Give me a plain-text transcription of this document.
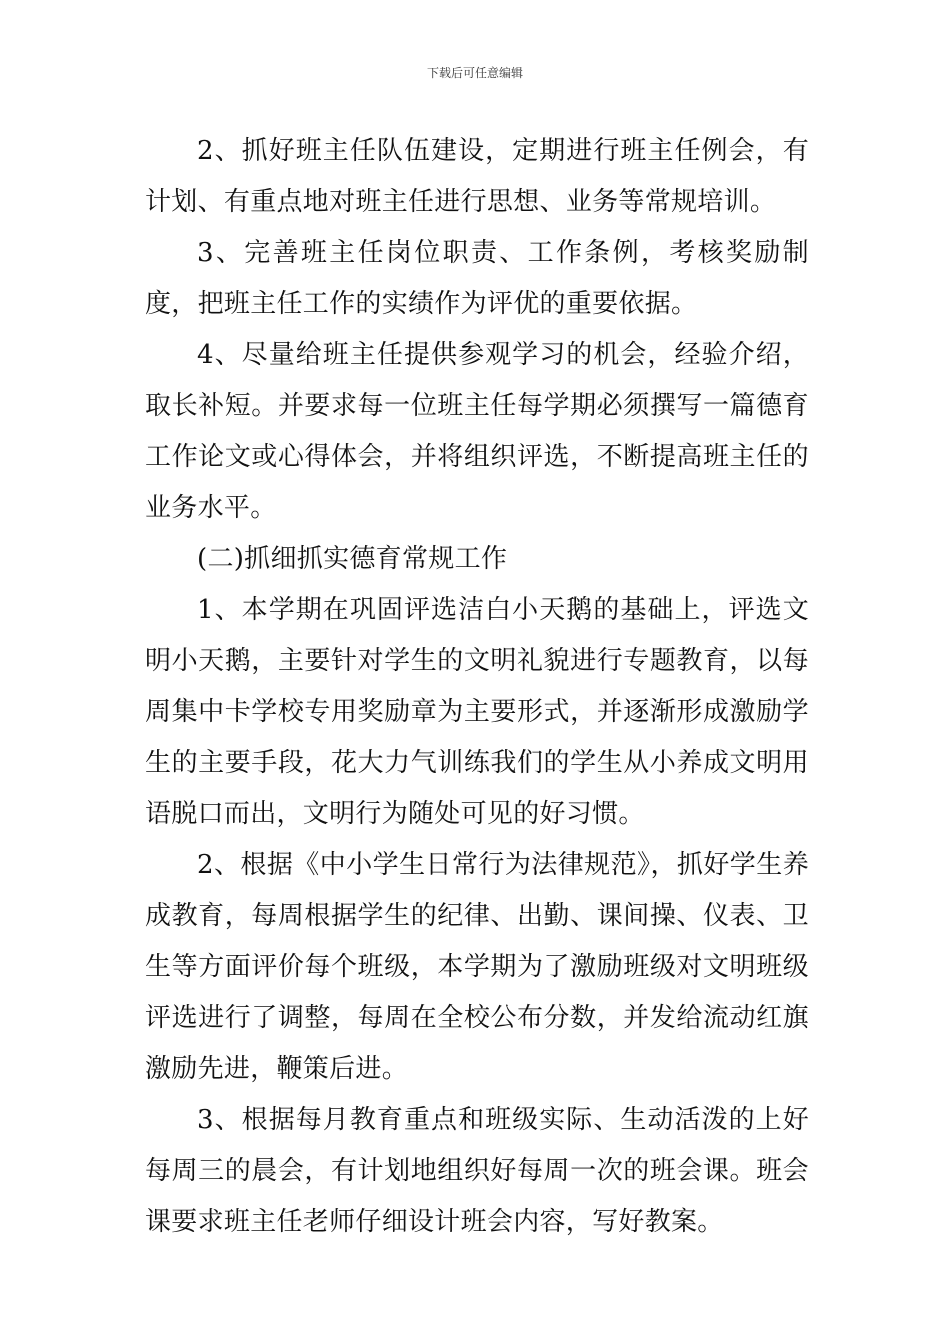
下载后可任意编辑

2、抓好班主任队伍建设，定期进行班主任例会，有计划、有重点地对班主任进行思想、业务等常规培训。

3、完善班主任岗位职责、工作条例，考核奖励制度，把班主任工作的实绩作为评优的重要依据。

4、尽量给班主任提供参观学习的机会，经验介绍，取长补短。并要求每一位班主任每学期必须撰写一篇德育工作论文或心得体会，并将组织评选，不断提高班主任的业务水平。

(二)抓细抓实德育常规工作

1、本学期在巩固评选洁白小天鹅的基础上，评选文明小天鹅，主要针对学生的文明礼貌进行专题教育，以每周集中卡学校专用奖励章为主要形式，并逐渐形成激励学生的主要手段，花大力气训练我们的学生从小养成文明用语脱口而出，文明行为随处可见的好习惯。

2、根据《中小学生日常行为法律规范》，抓好学生养成教育，每周根据学生的纪律、出勤、课间操、仪表、卫生等方面评价每个班级，本学期为了激励班级对文明班级评选进行了调整，每周在全校公布分数，并发给流动红旗激励先进，鞭策后进。

3、根据每月教育重点和班级实际、生动活泼的上好每周三的晨会，有计划地组织好每周一次的班会课。班会课要求班主任老师仔细设计班会内容，写好教案。
